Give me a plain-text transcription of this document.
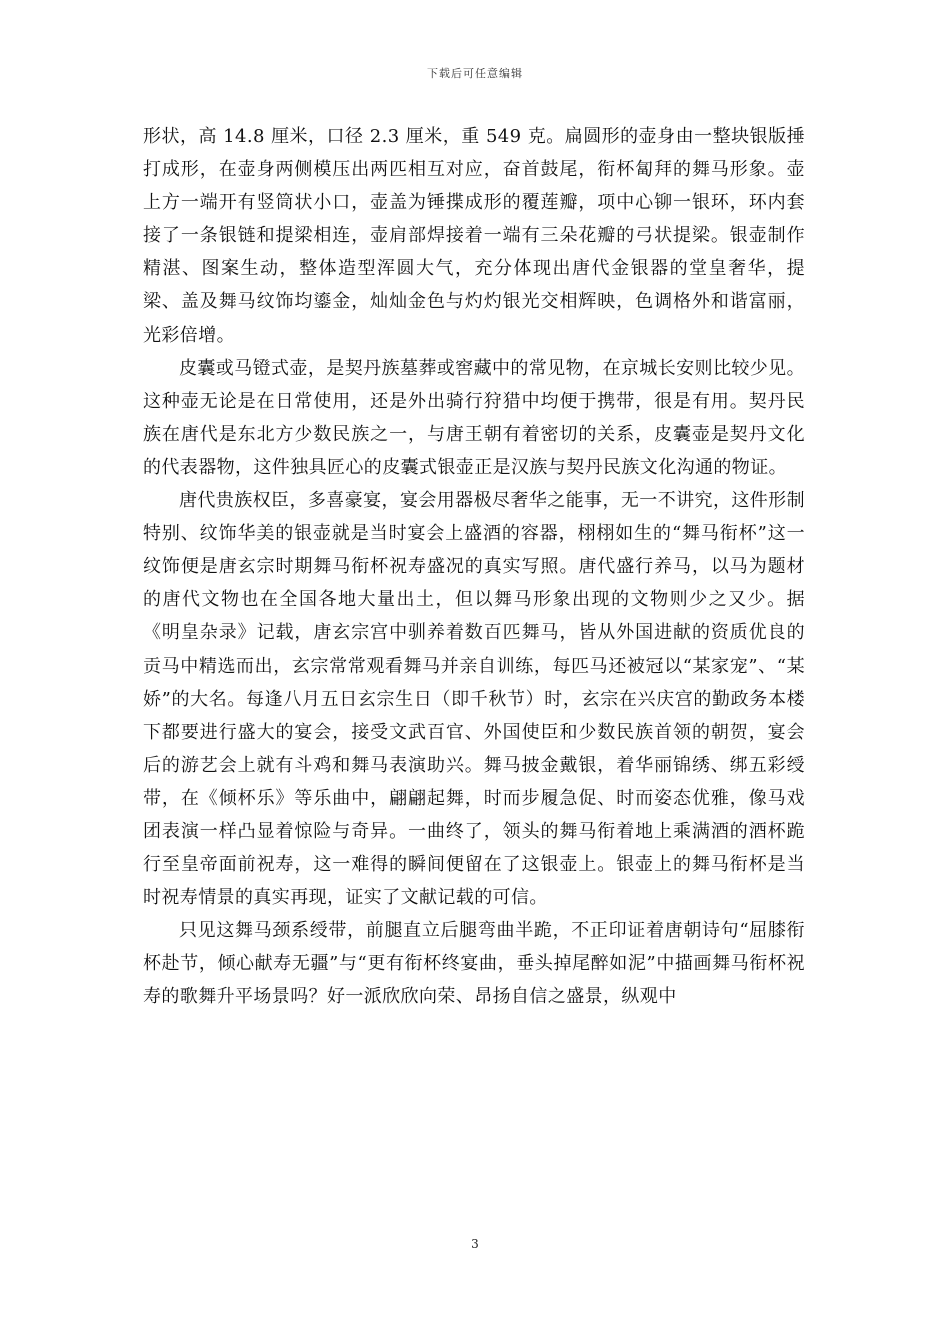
下载后可任意编辑

形状，高 14.8 厘米，口径 2.3 厘米，重 549 克。扁圆形的壶身由一整块银版捶打成形，在壶身两侧模压出两匹相互对应，奋首鼓尾，衔杯匐拜的舞马形象。壶上方一端开有竖筒状小口，壶盖为锤揲成形的覆莲瓣，项中心铆一银环，环内套接了一条银链和提梁相连，壶肩部焊接着一端有三朵花瓣的弓状提梁。银壶制作精湛、图案生动，整体造型浑圆大气，充分体现出唐代金银器的堂皇奢华，提梁、盖及舞马纹饰均鎏金，灿灿金色与灼灼银光交相辉映，色调格外和谐富丽，光彩倍增。

皮囊或马镫式壶，是契丹族墓葬或窖藏中的常见物，在京城长安则比较少见。这种壶无论是在日常使用，还是外出骑行狩猎中均便于携带，很是有用。契丹民族在唐代是东北方少数民族之一，与唐王朝有着密切的关系，皮囊壶是契丹文化的代表器物，这件独具匠心的皮囊式银壶正是汉族与契丹民族文化沟通的物证。

唐代贵族权臣，多喜豪宴，宴会用器极尽奢华之能事，无一不讲究，这件形制特别、纹饰华美的银壶就是当时宴会上盛酒的容器，栩栩如生的“舞马衔杯”这一纹饰便是唐玄宗时期舞马衔杯祝寿盛况的真实写照。唐代盛行养马，以马为题材的唐代文物也在全国各地大量出土，但以舞马形象出现的文物则少之又少。据《明皇杂录》记载，唐玄宗宫中驯养着数百匹舞马，皆从外国进献的资质优良的贡马中精选而出，玄宗常常观看舞马并亲自训练，每匹马还被冠以“某家宠”、“某娇”的大名。每逢八月五日玄宗生日（即千秋节）时，玄宗在兴庆宫的勤政务本楼下都要进行盛大的宴会，接受文武百官、外国使臣和少数民族首领的朝贺，宴会后的游艺会上就有斗鸡和舞马表演助兴。舞马披金戴银，着华丽锦绣、绑五彩绶带，在《倾杯乐》等乐曲中，翩翩起舞，时而步履急促、时而姿态优雅，像马戏团表演一样凸显着惊险与奇异。一曲终了，领头的舞马衔着地上乘满酒的酒杯跪行至皇帝面前祝寿，这一难得的瞬间便留在了这银壶上。银壶上的舞马衔杯是当时祝寿情景的真实再现，证实了文献记载的可信。

只见这舞马颈系绶带，前腿直立后腿弯曲半跪，不正印证着唐朝诗句“屈膝衔杯赴节，倾心献寿无疆”与“更有衔杯终宴曲，垂头掉尾醉如泥”中描画舞马衔杯祝寿的歌舞升平场景吗？好一派欣欣向荣、昂扬自信之盛景，纵观中

3
